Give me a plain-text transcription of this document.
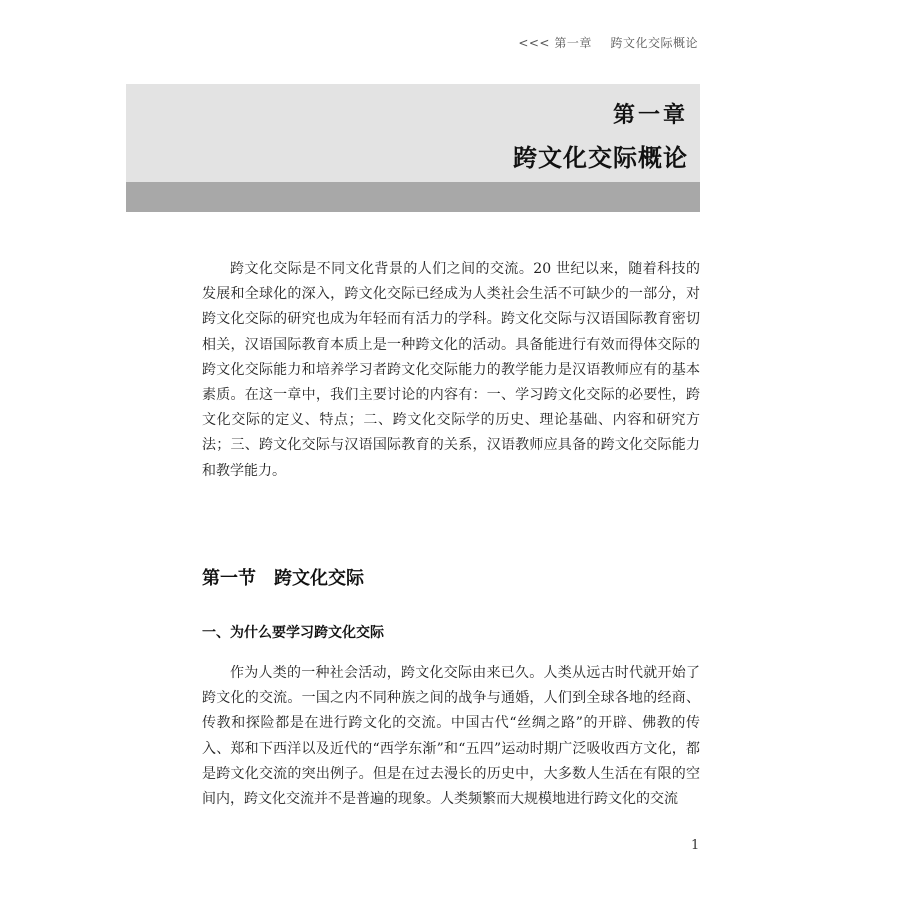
<<< 第一章 跨文化交际概论
第一章
跨文化交际概论

跨文化交际是不同文化背景的人们之间的交流。20 世纪以来，随着科技的发展和全球化的深入，跨文化交际已经成为人类社会生活不可缺少的一部分，对跨文化交际的研究也成为年轻而有活力的学科。跨文化交际与汉语国际教育密切相关，汉语国际教育本质上是一种跨文化的活动。具备能进行有效而得体交际的跨文化交际能力和培养学习者跨文化交际能力的教学能力是汉语教师应有的基本素质。在这一章中，我们主要讨论的内容有：一、学习跨文化交际的必要性，跨文化交际的定义、特点；二、跨文化交际学的历史、理论基础、内容和研究方法；三、跨文化交际与汉语国际教育的关系，汉语教师应具备的跨文化交际能力和教学能力。

第一节　跨文化交际
一、为什么要学习跨文化交际

作为人类的一种社会活动，跨文化交际由来已久。人类从远古时代就开始了跨文化的交流。一国之内不同种族之间的战争与通婚，人们到全球各地的经商、传教和探险都是在进行跨文化的交流。中国古代“丝绸之路”的开辟、佛教的传入、郑和下西洋以及近代的“西学东渐”和“五四”运动时期广泛吸收西方文化，都是跨文化交流的突出例子。但是在过去漫长的历史中，大多数人生活在有限的空间内，跨文化交流并不是普遍的现象。人类频繁而大规模地进行跨文化的交流

1
